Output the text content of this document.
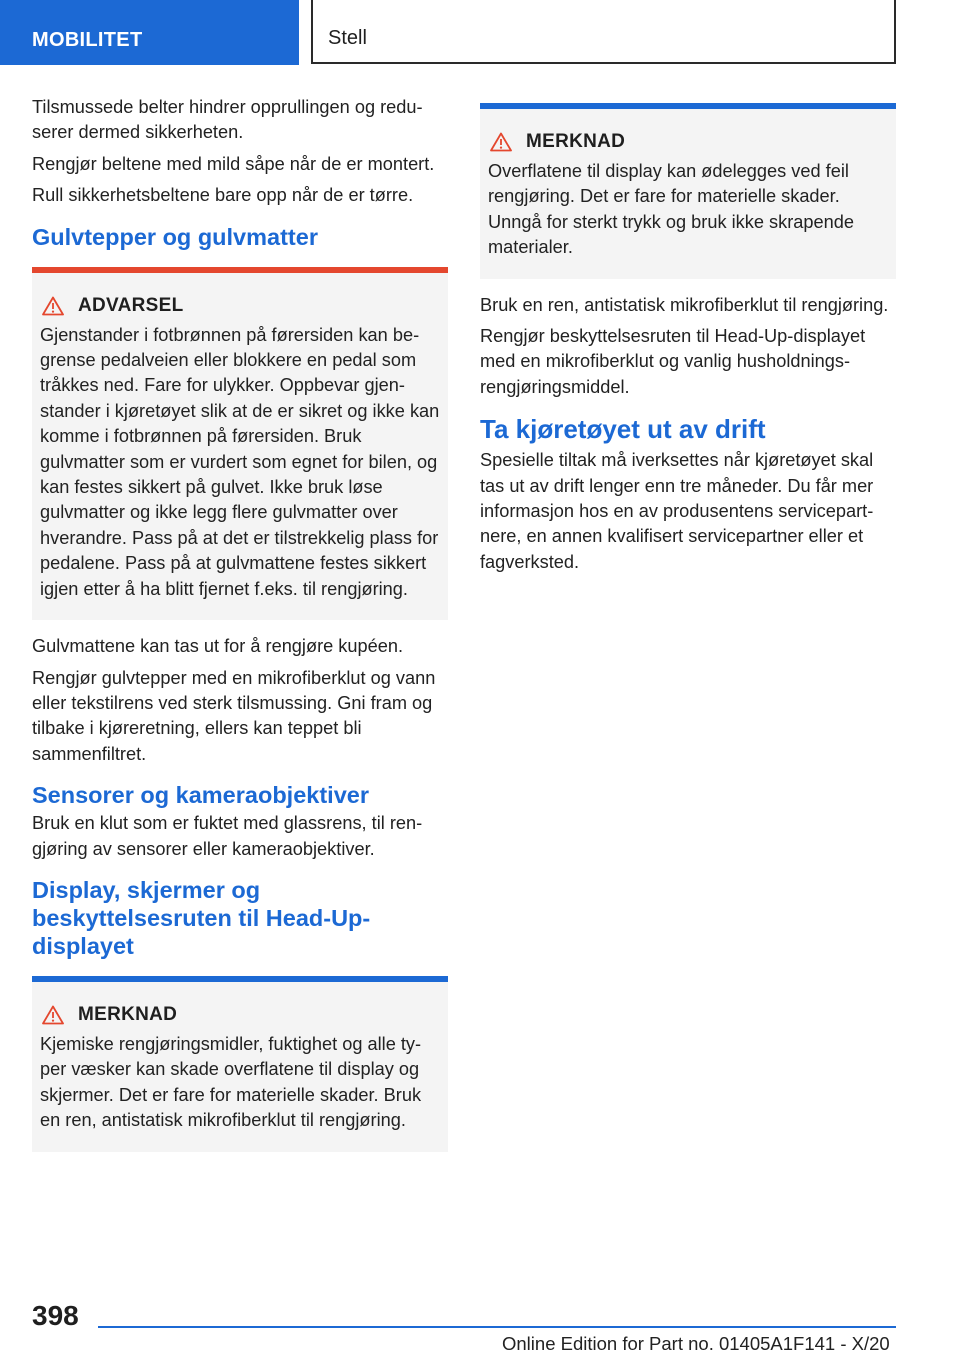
MOBILITET	Stell

Tilsmussede belter hindrer opprullingen og reduserer dermed sikkerheten.

Rengjør beltene med mild såpe når de er montert.

Rull sikkerhetsbeltene bare opp når de er tørre.

Gulvtepper og gulvmatter
ADVARSEL
Gjenstander i fotbrønnen på førersiden kan begrense pedalveien eller blokkere en pedal som tråkkes ned. Fare for ulykker. Oppbevar gjenstander i kjøretøyet slik at de er sikret og ikke kan komme i fotbrønnen på førersiden. Bruk gulvmatter som er vurdert som egnet for bilen, og kan festes sikkert på gulvet. Ikke bruk løse gulvmatter og ikke legg flere gulvmatter over hverandre. Pass på at det er tilstrekkelig plass for pedalene. Pass på at gulvmattene festes sikkert igjen etter å ha blitt fjernet f.eks. til rengjøring.

Gulvmattene kan tas ut for å rengjøre kupéen.

Rengjør gulvtepper med en mikrofiberklut og vann eller tekstilrens ved sterk tilsmussing. Gni fram og tilbake i kjøreretning, ellers kan teppet bli sammenfiltret.

Sensorer og kameraobjektiver

Bruk en klut som er fuktet med glassrens, til rengjøring av sensorer eller kameraobjektiver.

Display, skjermer og beskyttelsesruten til Head-Up-displayet
MERKNAD
Kjemiske rengjøringsmidler, fuktighet og alle typer væsker kan skade overflatene til display og skjermer. Det er fare for materielle skader. Bruk en ren, antistatisk mikrofiberklut til rengjøring.
MERKNAD
Overflatene til display kan ødelegges ved feil rengjøring. Det er fare for materielle skader. Unngå for sterkt trykk og bruk ikke skrapende materialer.

Bruk en ren, antistatisk mikrofiberklut til rengjøring.

Rengjør beskyttelsesruten til Head-Up-displayet med en mikrofiberklut og vanlig husholdningsrengjøringsmiddel.

Ta kjøretøyet ut av drift

Spesielle tiltak må iverksettes når kjøretøyet skal tas ut av drift lenger enn tre måneder. Du får mer informasjon hos en av produsentens servicepartnere, en annen kvalifisert servicepartner eller et fagverksted.

398
Online Edition for Part no. 01405A1F141 - X/20
